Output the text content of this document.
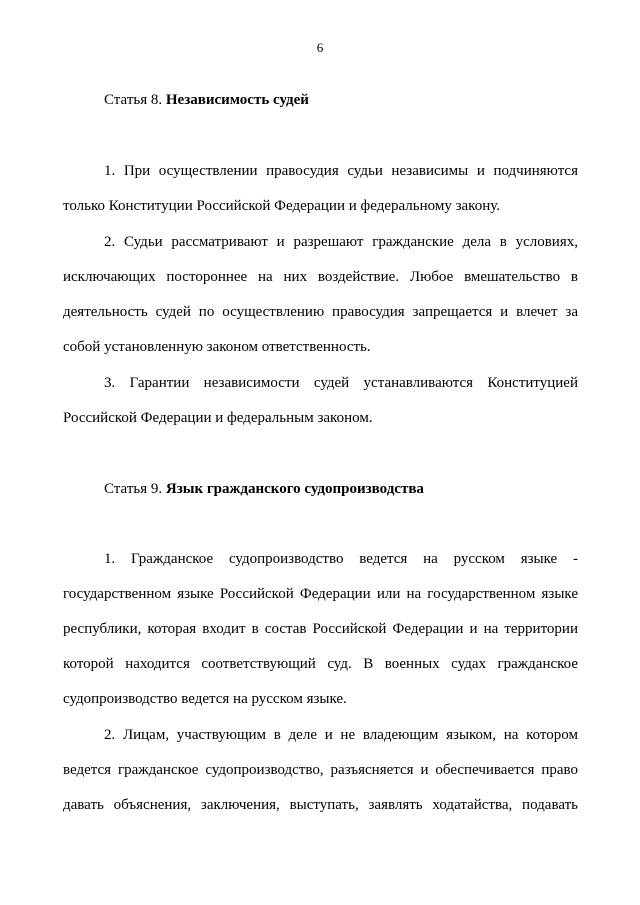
6
Статья 8. Независимость судей
1. При осуществлении правосудия судьи независимы и подчиняются
только Конституции Российской Федерации и федеральному закону.
2. Судьи рассматривают и разрешают гражданские дела в условиях,
исключающих постороннее на них воздействие. Любое вмешательство в
деятельность судей по осуществлению правосудия запрещается и влечет за
собой установленную законом ответственность.
3. Гарантии независимости судей устанавливаются Конституцией
Российской Федерации и федеральным законом.
Статья 9. Язык гражданского судопроизводства
1. Гражданское судопроизводство ведется на русском языке -
государственном языке Российской Федерации или на государственном языке
республики, которая входит в состав Российской Федерации и на территории
которой находится соответствующий суд. В военных судах гражданское
судопроизводство ведется на русском языке.
2. Лицам, участвующим в деле и не владеющим языком, на котором
ведется гражданское судопроизводство, разъясняется и обеспечивается право
давать объяснения, заключения, выступать, заявлять ходатайства, подавать
